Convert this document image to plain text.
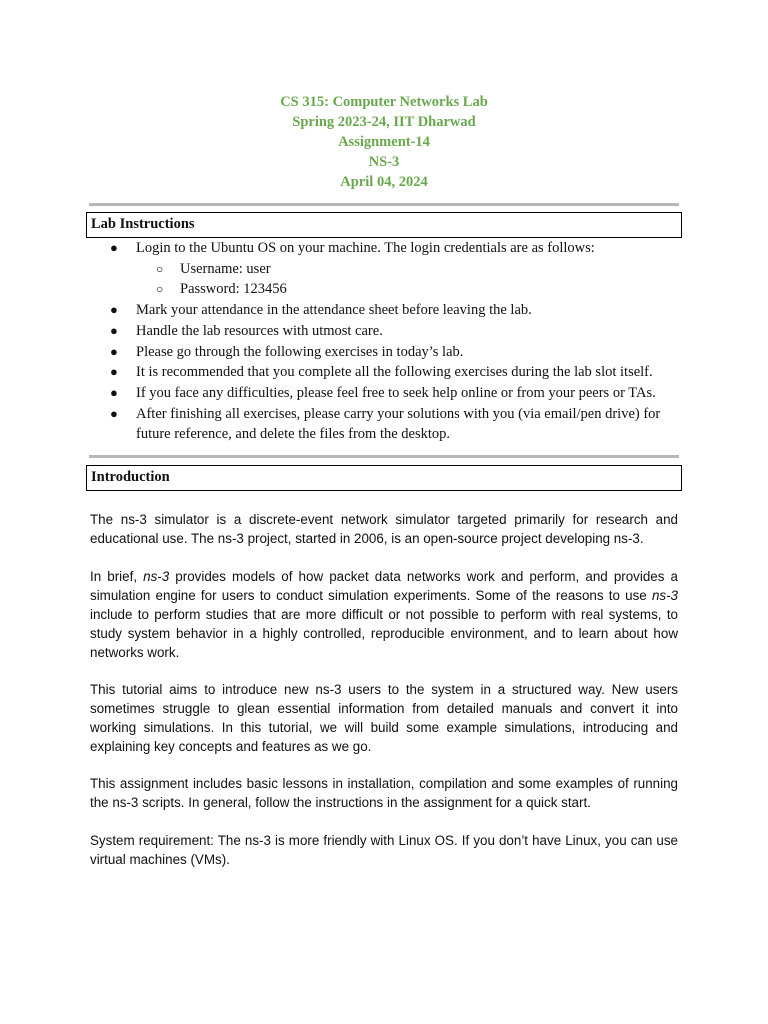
CS 315: Computer Networks Lab
Spring 2023-24, IIT Dharwad
Assignment-14
NS-3
April 04, 2024
Lab Instructions
● Login to the Ubuntu OS on your machine. The login credentials are as follows:
○ Username: user
○ Password: 123456
● Mark your attendance in the attendance sheet before leaving the lab.
● Handle the lab resources with utmost care.
● Please go through the following exercises in today’s lab.
● It is recommended that you complete all the following exercises during the lab slot itself.
● If you face any difficulties, please feel free to seek help online or from your peers or TAs.
● After finishing all exercises, please carry your solutions with you (via email/pen drive) for future reference, and delete the files from the desktop.
Introduction
The ns-3 simulator is a discrete-event network simulator targeted primarily for research and educational use. The ns-3 project, started in 2006, is an open-source project developing ns-3.
In brief, ns-3 provides models of how packet data networks work and perform, and provides a simulation engine for users to conduct simulation experiments. Some of the reasons to use ns-3 include to perform studies that are more difficult or not possible to perform with real systems, to study system behavior in a highly controlled, reproducible environment, and to learn about how networks work.
This tutorial aims to introduce new ns-3 users to the system in a structured way. New users sometimes struggle to glean essential information from detailed manuals and convert it into working simulations. In this tutorial, we will build some example simulations, introducing and explaining key concepts and features as we go.
This assignment includes basic lessons in installation, compilation and some examples of running the ns-3 scripts. In general, follow the instructions in the assignment for a quick start.
System requirement: The ns-3 is more friendly with Linux OS. If you don’t have Linux, you can use virtual machines (VMs).
